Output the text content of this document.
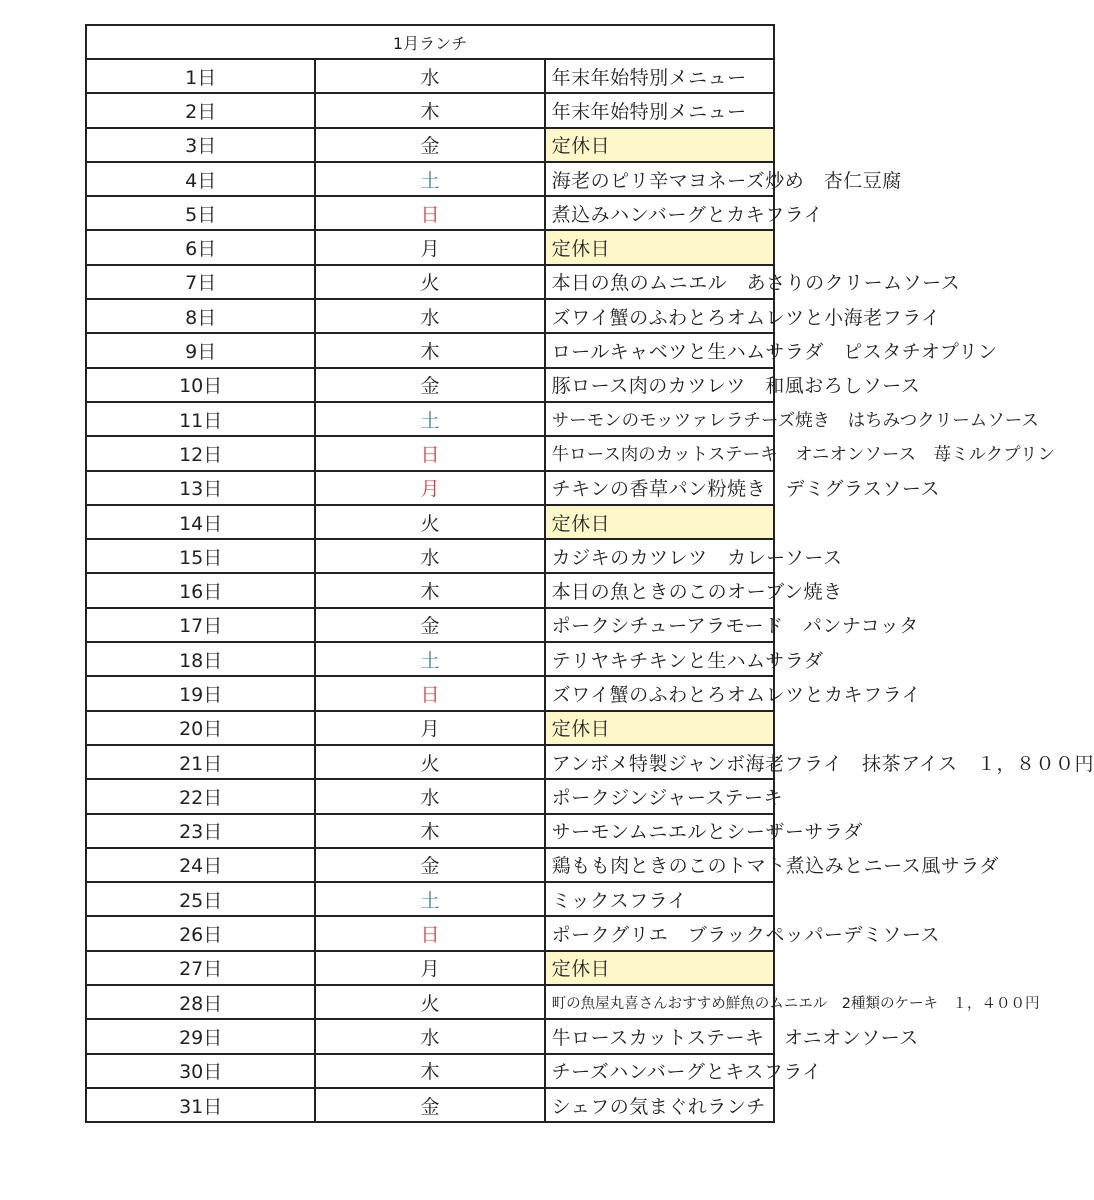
1月ランチ		
1日	水	年末年始特別メニュー
2日	木	年末年始特別メニュー
3日	金	定休日
4日	土	海老のピリ辛マヨネーズ炒め　杏仁豆腐
5日	日	煮込みハンバーグとカキフライ
6日	月	定休日
7日	火	本日の魚のムニエル　あさりのクリームソース
8日	水	ズワイ蟹のふわとろオムレツと小海老フライ
9日	木	ロールキャベツと生ハムサラダ　ピスタチオプリン
10日	金	豚ロース肉のカツレツ　和風おろしソース
11日	土	サーモンのモッツァレラチーズ焼き　はちみつクリームソース
12日	日	牛ロース肉のカットステーキ　オニオンソース　苺ミルクプリン
13日	月	チキンの香草パン粉焼き　デミグラスソース
14日	火	定休日
15日	水	カジキのカツレツ　カレーソース
16日	木	本日の魚ときのこのオーブン焼き
17日	金	ポークシチューアラモード　パンナコッタ
18日	土	テリヤキチキンと生ハムサラダ
19日	日	ズワイ蟹のふわとろオムレツとカキフライ
20日	月	定休日
21日	火	アンボメ特製ジャンボ海老フライ　抹茶アイス　１，８００円
22日	水	ポークジンジャーステーキ
23日	木	サーモンムニエルとシーザーサラダ
24日	金	鶏もも肉ときのこのトマト煮込みとニース風サラダ
25日	土	ミックスフライ
26日	日	ポークグリエ　ブラックペッパーデミソース
27日	月	定休日
28日	火	町の魚屋丸喜さんおすすめ鮮魚のムニエル　2種類のケーキ　１，４００円
29日	水	牛ロースカットステーキ　オニオンソース
30日	木	チーズハンバーグとキスフライ
31日	金	シェフの気まぐれランチ
